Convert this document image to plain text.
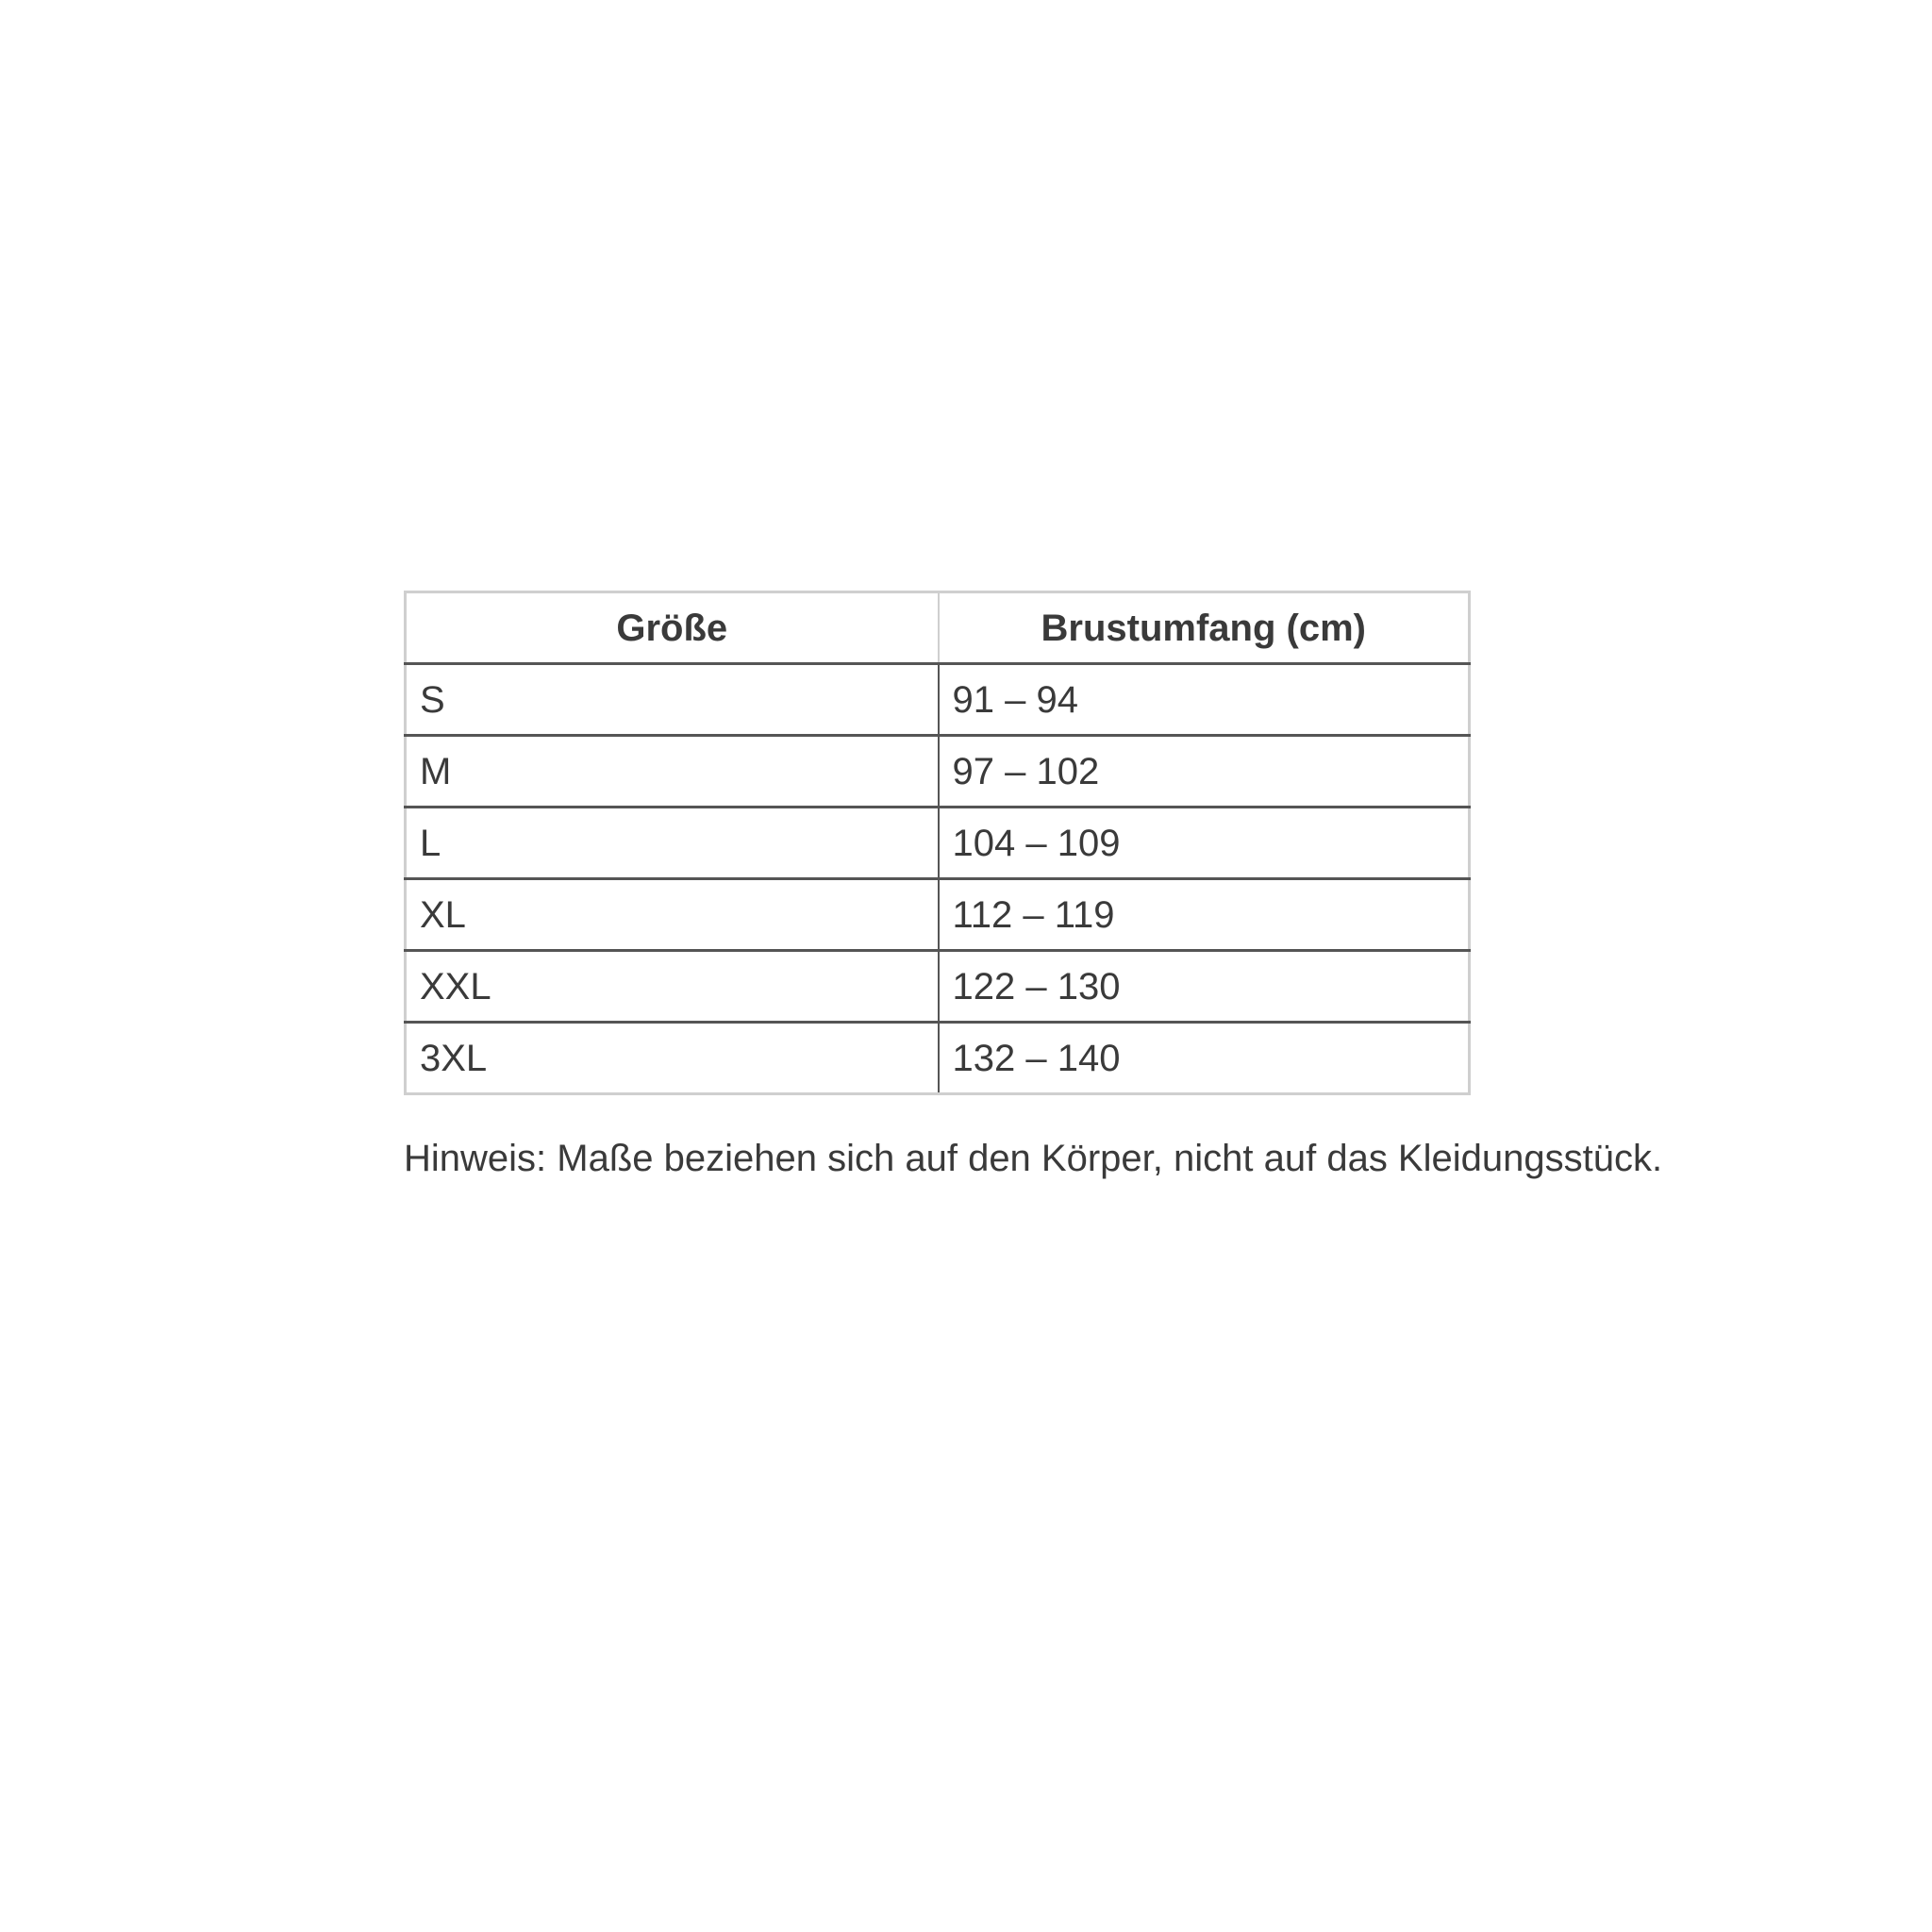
Größe	Brustumfang (cm)
S	91 – 94
M	97 – 102
L	104 – 109
XL	112 – 119
XXL	122 – 130
3XL	132 – 140

Hinweis: Maße beziehen sich auf den Körper, nicht auf das Kleidungsstück.
